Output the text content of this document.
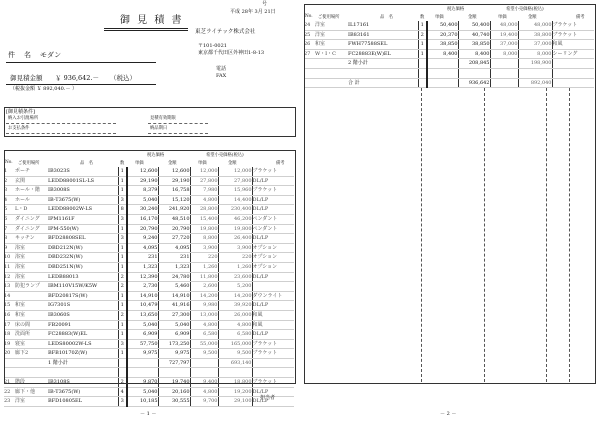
号
平成 28年 3月 21日
御 見 積 書
東芝ライテック株式会社
〒101-0021
東京都千代田区外神田1-8-13
電話
FAX
件　名 モダン
御見積金額 ￥ 936,642.－ （税込）
（税抜金額 ￥ 892,040.－ ）
[御見積条件]
納入お引渡場所	見積有効期限
お支払条件	納品期日
No. ご使用場所	品　名	数
税込価格
単価	金額
希望小売価格(税込)
単価	金額	備考
1	ポーチ	IB3023S	1	12,600	12,600	12,000	12,000	ブラケット
2	玄関	LEDD88001SL-LS	1	29,190	29,190	27,800	27,800	DL/LP
3	ホール・階	IB3008S	1	8,379	16,758	7,980	15,960	ブラケット
4	ホール	IB-T3675(W)	3	5,040	15,120	4,800	14,400	DL/LP
5	L・D	LEDD88002W-LS	8	30,240	241,920	28,800	230,400	DL/LP
6	ダイニング	IPM1161F	3	16,170	48,510	15,400	46,200	ペンダント
7	ダイニング	IPM-550(W)	1	20,790	20,790	19,800	19,800	ペンダント
8	キッチン	BFD28808SEL	3	9,240	27,720	8,800	26,400	DL/LP
9	浴室	DBD212N(W)	1	4,095	4,095	3,900	3,900	オプション
10	浴室	DBD232N(W)	1	231	231	220	220	オプション
11	浴室	DBD251N(W)	1	1,323	1,323	1,260	1,260	オプション
12	浴室	LEDB88013	2	12,390	24,780	11,800	23,600	DL/LP
13	防犯ランプ	IBM110V15W/K5W	2	2,730	5,460	2,600	5,200	
14		BFD20817S(W)	1	14,910	14,910	14,200	14,200	ダウンライト
15	和室	IG7301S	1	10,479	41,916	9,980	39,920	DL/LP
16	和室	IB3060S	2	13,650	27,300	13,000	26,000	和風
17	床の間	FB20091	1	5,040	5,040	4,800	4,800	和風
18	洗面所	FC28883(W)EL	1	6,909	6,909	6,580	6,580	DL/LP
19	寝室	LEDS80002W-LS	3	57,750	173,250	55,000	165,000	ブラケット
20	廊下2	BFB10170Z(W)	1	9,975	9,975	9,500	9,500	ブラケット
		1 階小計			727,797		693,140	

21	階段	IB3108S	2	9,870	19,740	9,400	18,800	ブラケット
22	廊下・他	IB-T3675(W)	4	5,040	20,160	4,800	19,200	DL/LP
23	洋室	BFD10805EL	3	10,185	30,555	9,700	29,100	DL/LP
担当者
－ 1 －
No. ご使用場所	品　名	数
税込価格
単価	金額
希望小売価格(税込)
単価	金額	備考
24	洋室	IL17161	1	50,400	50,400	48,000	48,000	ブラケット
25	洋室	IB83161	2	20,370	40,740	19,400	38,800	ブラケット
26	和室	FWH77588SEL	1	38,850	38,850	37,000	37,000	和風
27	W・I・C	FC28883E(W)EL	1	8,400	8,400	8,000	8,000	シーリング
		2 階小計			208,845		198,900	

		合 計			936,642		892,040	
－ 2 －
